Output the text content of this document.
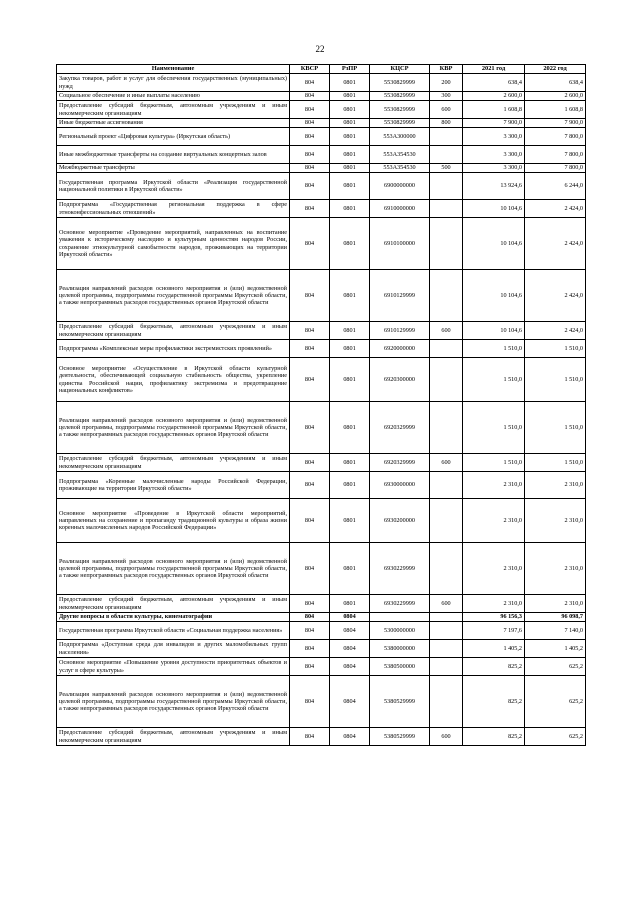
22
Наименование	КВСР	РзПР	КЦСР	КВР	2021 год	2022 год
Закупка товаров, работ и услуг для обеспечения государственных (муниципальных) нужд	804	0801	5530829999	200	638,4	638,4
Социальное обеспечение и иные выплаты населению	804	0801	5530829999	300	2 600,0	2 600,0
Предоставление субсидий бюджетным, автономным учреждениям и иным некоммерческим организациям	804	0801	5530829999	600	1 608,8	1 608,8
Иные бюджетные ассигнования	804	0801	5530829999	800	7 900,0	7 900,0
Региональный проект «Цифровая культура» (Иркутская область)	804	0801	553А300000		3 300,0	7 800,0
Иные межбюджетные трансферты на создание виртуальных концертных залов	804	0801	553А354530		3 300,0	7 800,0
Межбюджетные трансферты	804	0801	553А354530	500	3 300,0	7 800,0
Государственная программа Иркутской области «Реализация государственной национальной политики в Иркутской области»	804	0801	6900000000		13 924,6	6 244,0
Подпрограмма «Государственная региональная поддержка в сфере этноконфессиональных отношений»	804	0801	6910000000		10 104,6	2 424,0
Основное мероприятие «Проведение мероприятий, направленных на воспитание уважения к историческому наследию и культурным ценностям народов России, сохранение этнокультурной самобытности народов, проживающих на территории Иркутской области»	804	0801	6910100000		10 104,6	2 424,0
Реализация направлений расходов основного мероприятия и (или) ведомственной целевой программы, подпрограммы государственной программы Иркутской области, а также непрограммных расходов государственных органов Иркутской области	804	0801	6910129999		10 104,6	2 424,0
Предоставление субсидий бюджетным, автономным учреждениям и иным некоммерческим организациям	804	0801	6910129999	600	10 104,6	2 424,0
Подпрограмма «Комплексные меры профилактики экстремистских проявлений»	804	0801	6920000000		1 510,0	1 510,0
Основное мероприятие «Осуществление в Иркутской области культурной деятельности, обеспечивающей социальную стабильность общества, укрепление единства Российской нации, профилактику экстремизма и предотвращение национальных конфликтов»	804	0801	6920300000		1 510,0	1 510,0
Реализация направлений расходов основного мероприятия и (или) ведомственной целевой программы, подпрограммы государственной программы Иркутской области, а также непрограммных расходов государственных органов Иркутской области	804	0801	6920329999		1 510,0	1 510,0
Предоставление субсидий бюджетным, автономным учреждениям и иным некоммерческим организациям	804	0801	6920329999	600	1 510,0	1 510,0
Подпрограмма «Коренные малочисленные народы Российской Федерации, проживающие на территории Иркутской области»	804	0801	6930000000		2 310,0	2 310,0
Основное мероприятие «Проведение в Иркутской области мероприятий, направленных на сохранение и пропаганду традиционной культуры и образа жизни коренных малочисленных народов Российской Федерации»	804	0801	6930200000		2 310,0	2 310,0
Реализация направлений расходов основного мероприятия и (или) ведомственной целевой программы, подпрограммы государственной программы Иркутской области, а также непрограммных расходов государственных органов Иркутской области	804	0801	6930229999		2 310,0	2 310,0
Предоставление субсидий бюджетным, автономным учреждениям и иным некоммерческим организациям	804	0801	6930229999	600	2 310,0	2 310,0
Другие вопросы в области культуры, кинематографии	804	0804			96 156,3	96 098,7
Государственная программа Иркутской области «Социальная поддержка населения»	804	0804	5300000000		7 197,6	7 140,0
Подпрограмма «Доступная среда для инвалидов и других маломобильных групп населения»	804	0804	5380000000		1 405,2	1 405,2
Основное мероприятие «Повышение уровня доступности приоритетных объектов и услуг в сфере культуры»	804	0804	5380500000		825,2	625,2
Реализация направлений расходов основного мероприятия и (или) ведомственной целевой программы, подпрограммы государственной программы Иркутской области, а также непрограммных расходов государственных органов Иркутской области	804	0804	5380529999		825,2	625,2
Предоставление субсидий бюджетным, автономным учреждениям и иным некоммерческим организациям	804	0804	5380529999	600	825,2	625,2
